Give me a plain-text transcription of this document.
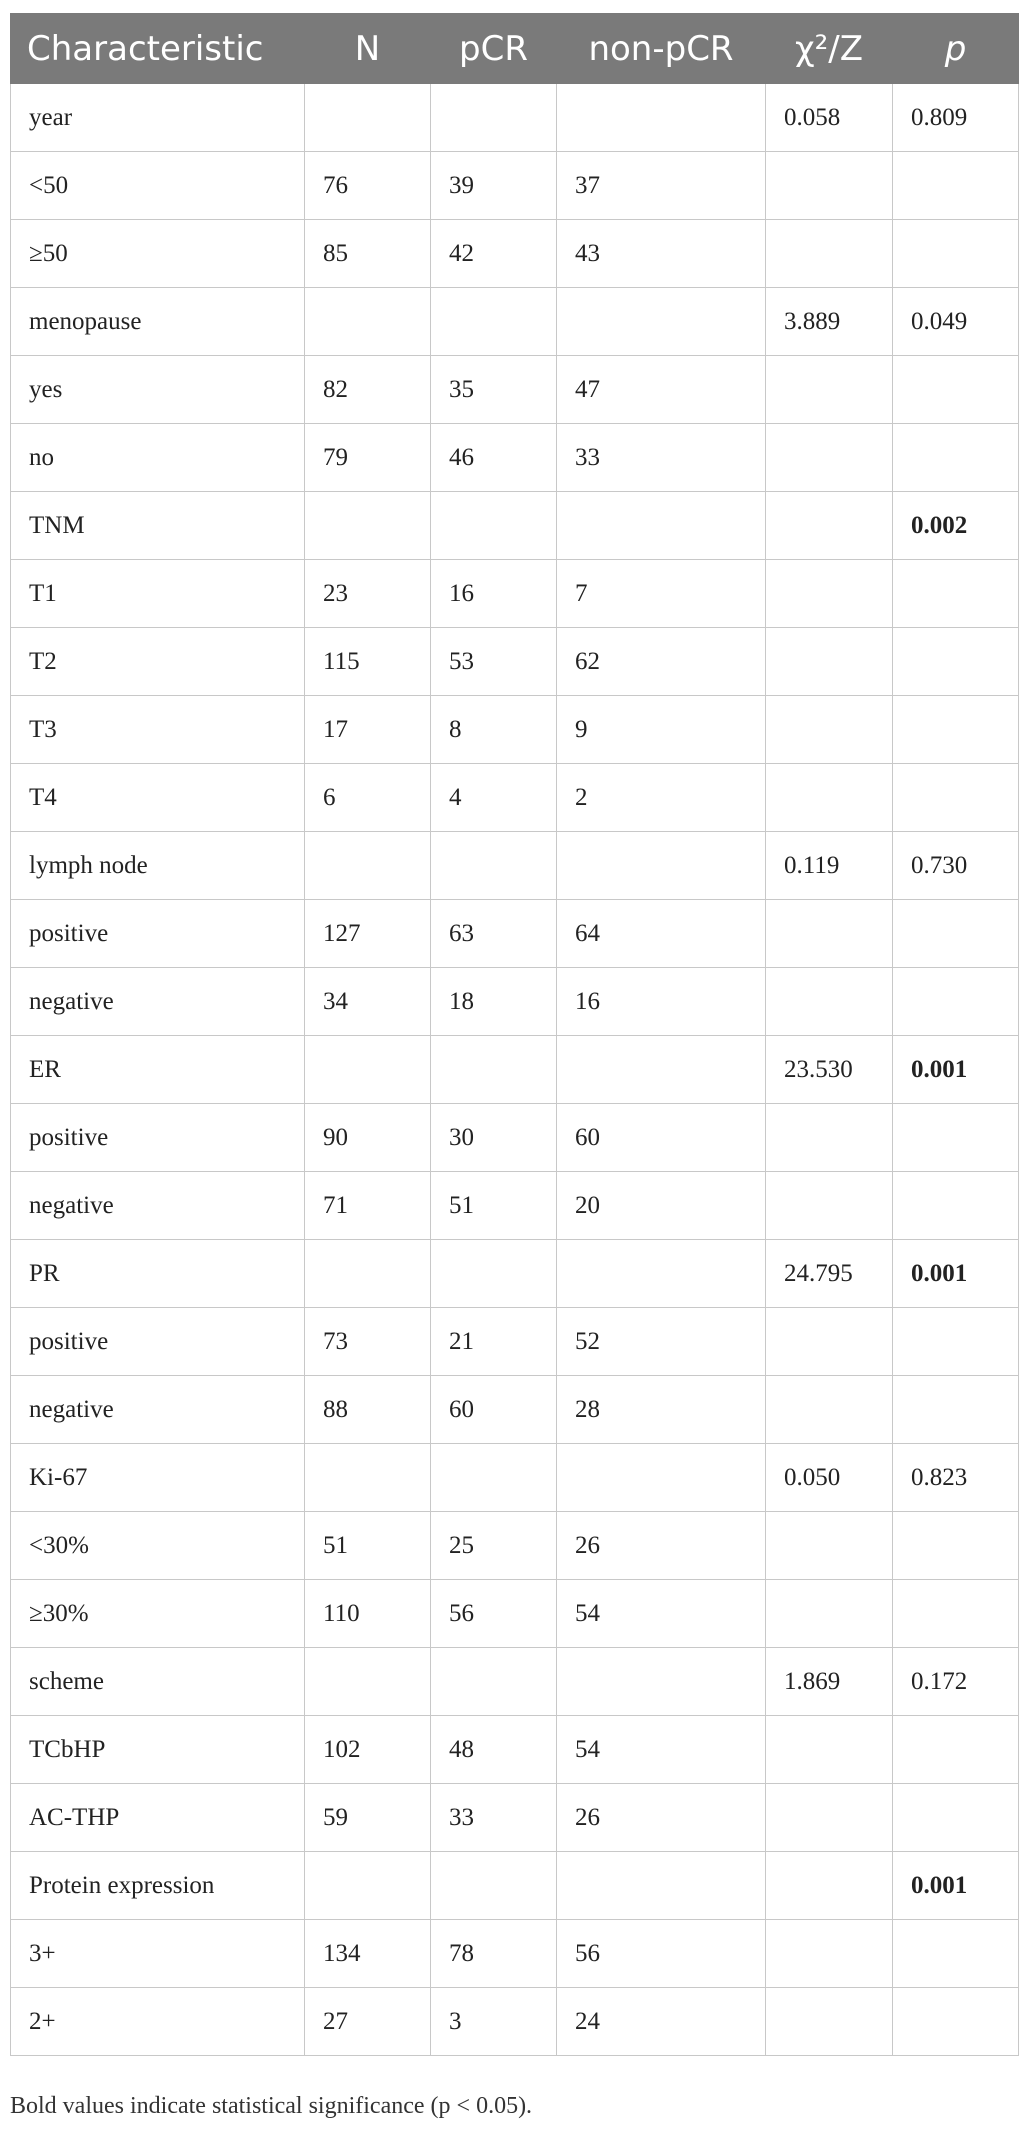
Characteristic	N	pCR	non-pCR	χ²/Z	p
year				0.058	0.809
<50	76	39	37		
≥50	85	42	43		
menopause				3.889	0.049
yes	82	35	47		
no	79	46	33		
TNM					0.002
T1	23	16	7		
T2	115	53	62		
T3	17	8	9		
T4	6	4	2		
lymph node				0.119	0.730
positive	127	63	64		
negative	34	18	16		
ER				23.530	0.001
positive	90	30	60		
negative	71	51	20		
PR				24.795	0.001
positive	73	21	52		
negative	88	60	28		
Ki-67				0.050	0.823
<30%	51	25	26		
≥30%	110	56	54		
scheme				1.869	0.172
TCbHP	102	48	54		
AC-THP	59	33	26		
Protein expression					0.001
3+	134	78	56		
2+	27	3	24		
Bold values indicate statistical significance (p < 0.05).
